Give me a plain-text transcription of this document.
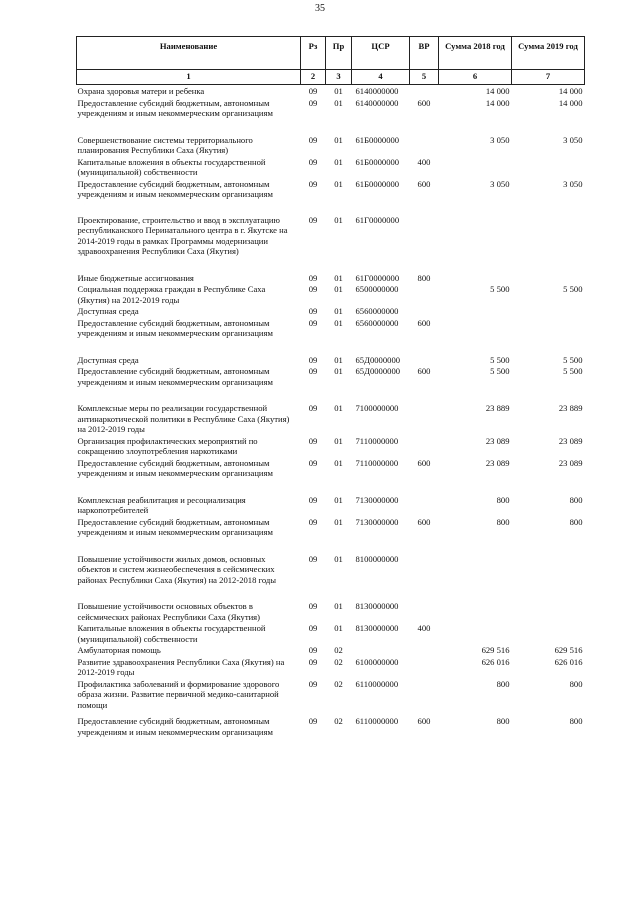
35
Наименование	Рз	Пр	ЦСР	ВР	Сумма 2018 год	Сумма 2019 год
1	2	3	4	5	6	7
Охрана здоровья матери и ребенка	09	01	6140000000		14 000	14 000
Предоставление субсидий бюджетным, автономным учреждениям и иным некоммерческим организациям	09	01	6140000000	600	14 000	14 000
Совершенствование системы территориального планирования Республики Саха (Якутия)	09	01	61Б0000000		3 050	3 050
Капитальные вложения в объекты государственной (муниципальной) собственности	09	01	61Б0000000	400		
Предоставление субсидий бюджетным, автономным учреждениям и иным некоммерческим организациям	09	01	61Б0000000	600	3 050	3 050
Проектирование, строительство и ввод в эксплуатацию республиканского Перинатального центра в г. Якутске на 2014-2019 годы в рамках Программы модернизации здравоохранения Республики Саха (Якутия)	09	01	61Г0000000			
Иные бюджетные ассигнования	09	01	61Г0000000	800		
Социальная поддержка граждан в Республике Саха (Якутия) на 2012-2019 годы	09	01	6500000000		5 500	5 500
Доступная среда	09	01	6560000000			
Предоставление субсидий бюджетным, автономным учреждениям и иным некоммерческим организациям	09	01	6560000000	600		
Доступная среда	09	01	65Д0000000		5 500	5 500
Предоставление субсидий бюджетным, автономным учреждениям и иным некоммерческим организациям	09	01	65Д0000000	600	5 500	5 500
Комплексные меры по реализации государственной антинаркотической политики в Республике Саха (Якутия) на 2012-2019 годы	09	01	7100000000		23 889	23 889
Организация профилактических мероприятий по сокращению злоупотребления наркотиками	09	01	7110000000		23 089	23 089
Предоставление субсидий бюджетным, автономным учреждениям и иным некоммерческим организациям	09	01	7110000000	600	23 089	23 089
Комплексная реабилитация и ресоциализация наркопотребителей	09	01	7130000000		800	800
Предоставление субсидий бюджетным, автономным учреждениям и иным некоммерческим организациям	09	01	7130000000	600	800	800
Повышение устойчивости жилых домов, основных объектов и систем жизнеобеспечения в сейсмических районах Республики Саха (Якутия) на 2012-2018 годы	09	01	8100000000			
Повышение устойчивости основных объектов в сейсмических районах Республики Саха (Якутия)	09	01	8130000000			
Капитальные вложения в объекты государственной (муниципальной) собственности	09	01	8130000000	400		
Амбулаторная помощь	09	02			629 516	629 516
Развитие здравоохранения Республики Саха (Якутия) на 2012-2019 годы	09	02	6100000000		626 016	626 016
Профилактика заболеваний и формирование здорового образа жизни. Развитие первичной медико-санитарной помощи	09	02	6110000000		800	800
Предоставление субсидий бюджетным, автономным учреждениям и иным некоммерческим организациям	09	02	6110000000	600	800	800
